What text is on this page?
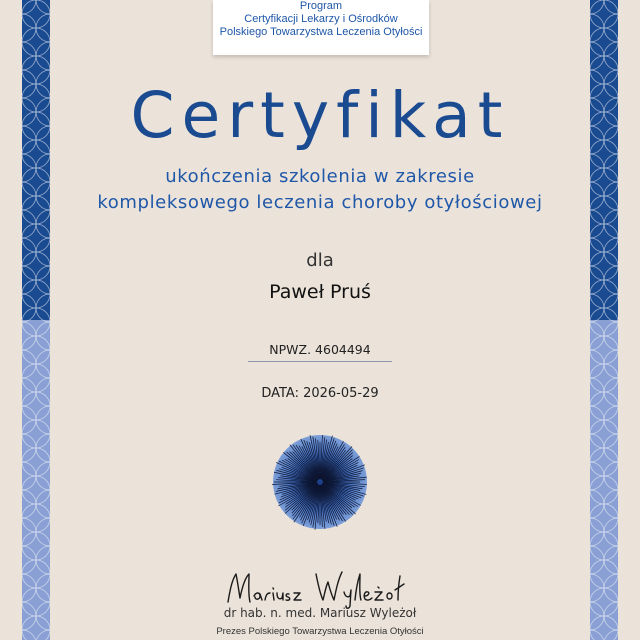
Program
Certyfikacji Lekarzy i Ośrodków
Polskiego Towarzystwa Leczenia Otyłości
Certyfikat
ukończenia szkolenia w zakresie
kompleksowego leczenia choroby otyłościowej
dla
Paweł Pruś
NPWZ. 4604494
DATA: 2026-05-29
dr hab. n. med. Mariusz Wyleżoł
Prezes Polskiego Towarzystwa Leczenia Otyłości
